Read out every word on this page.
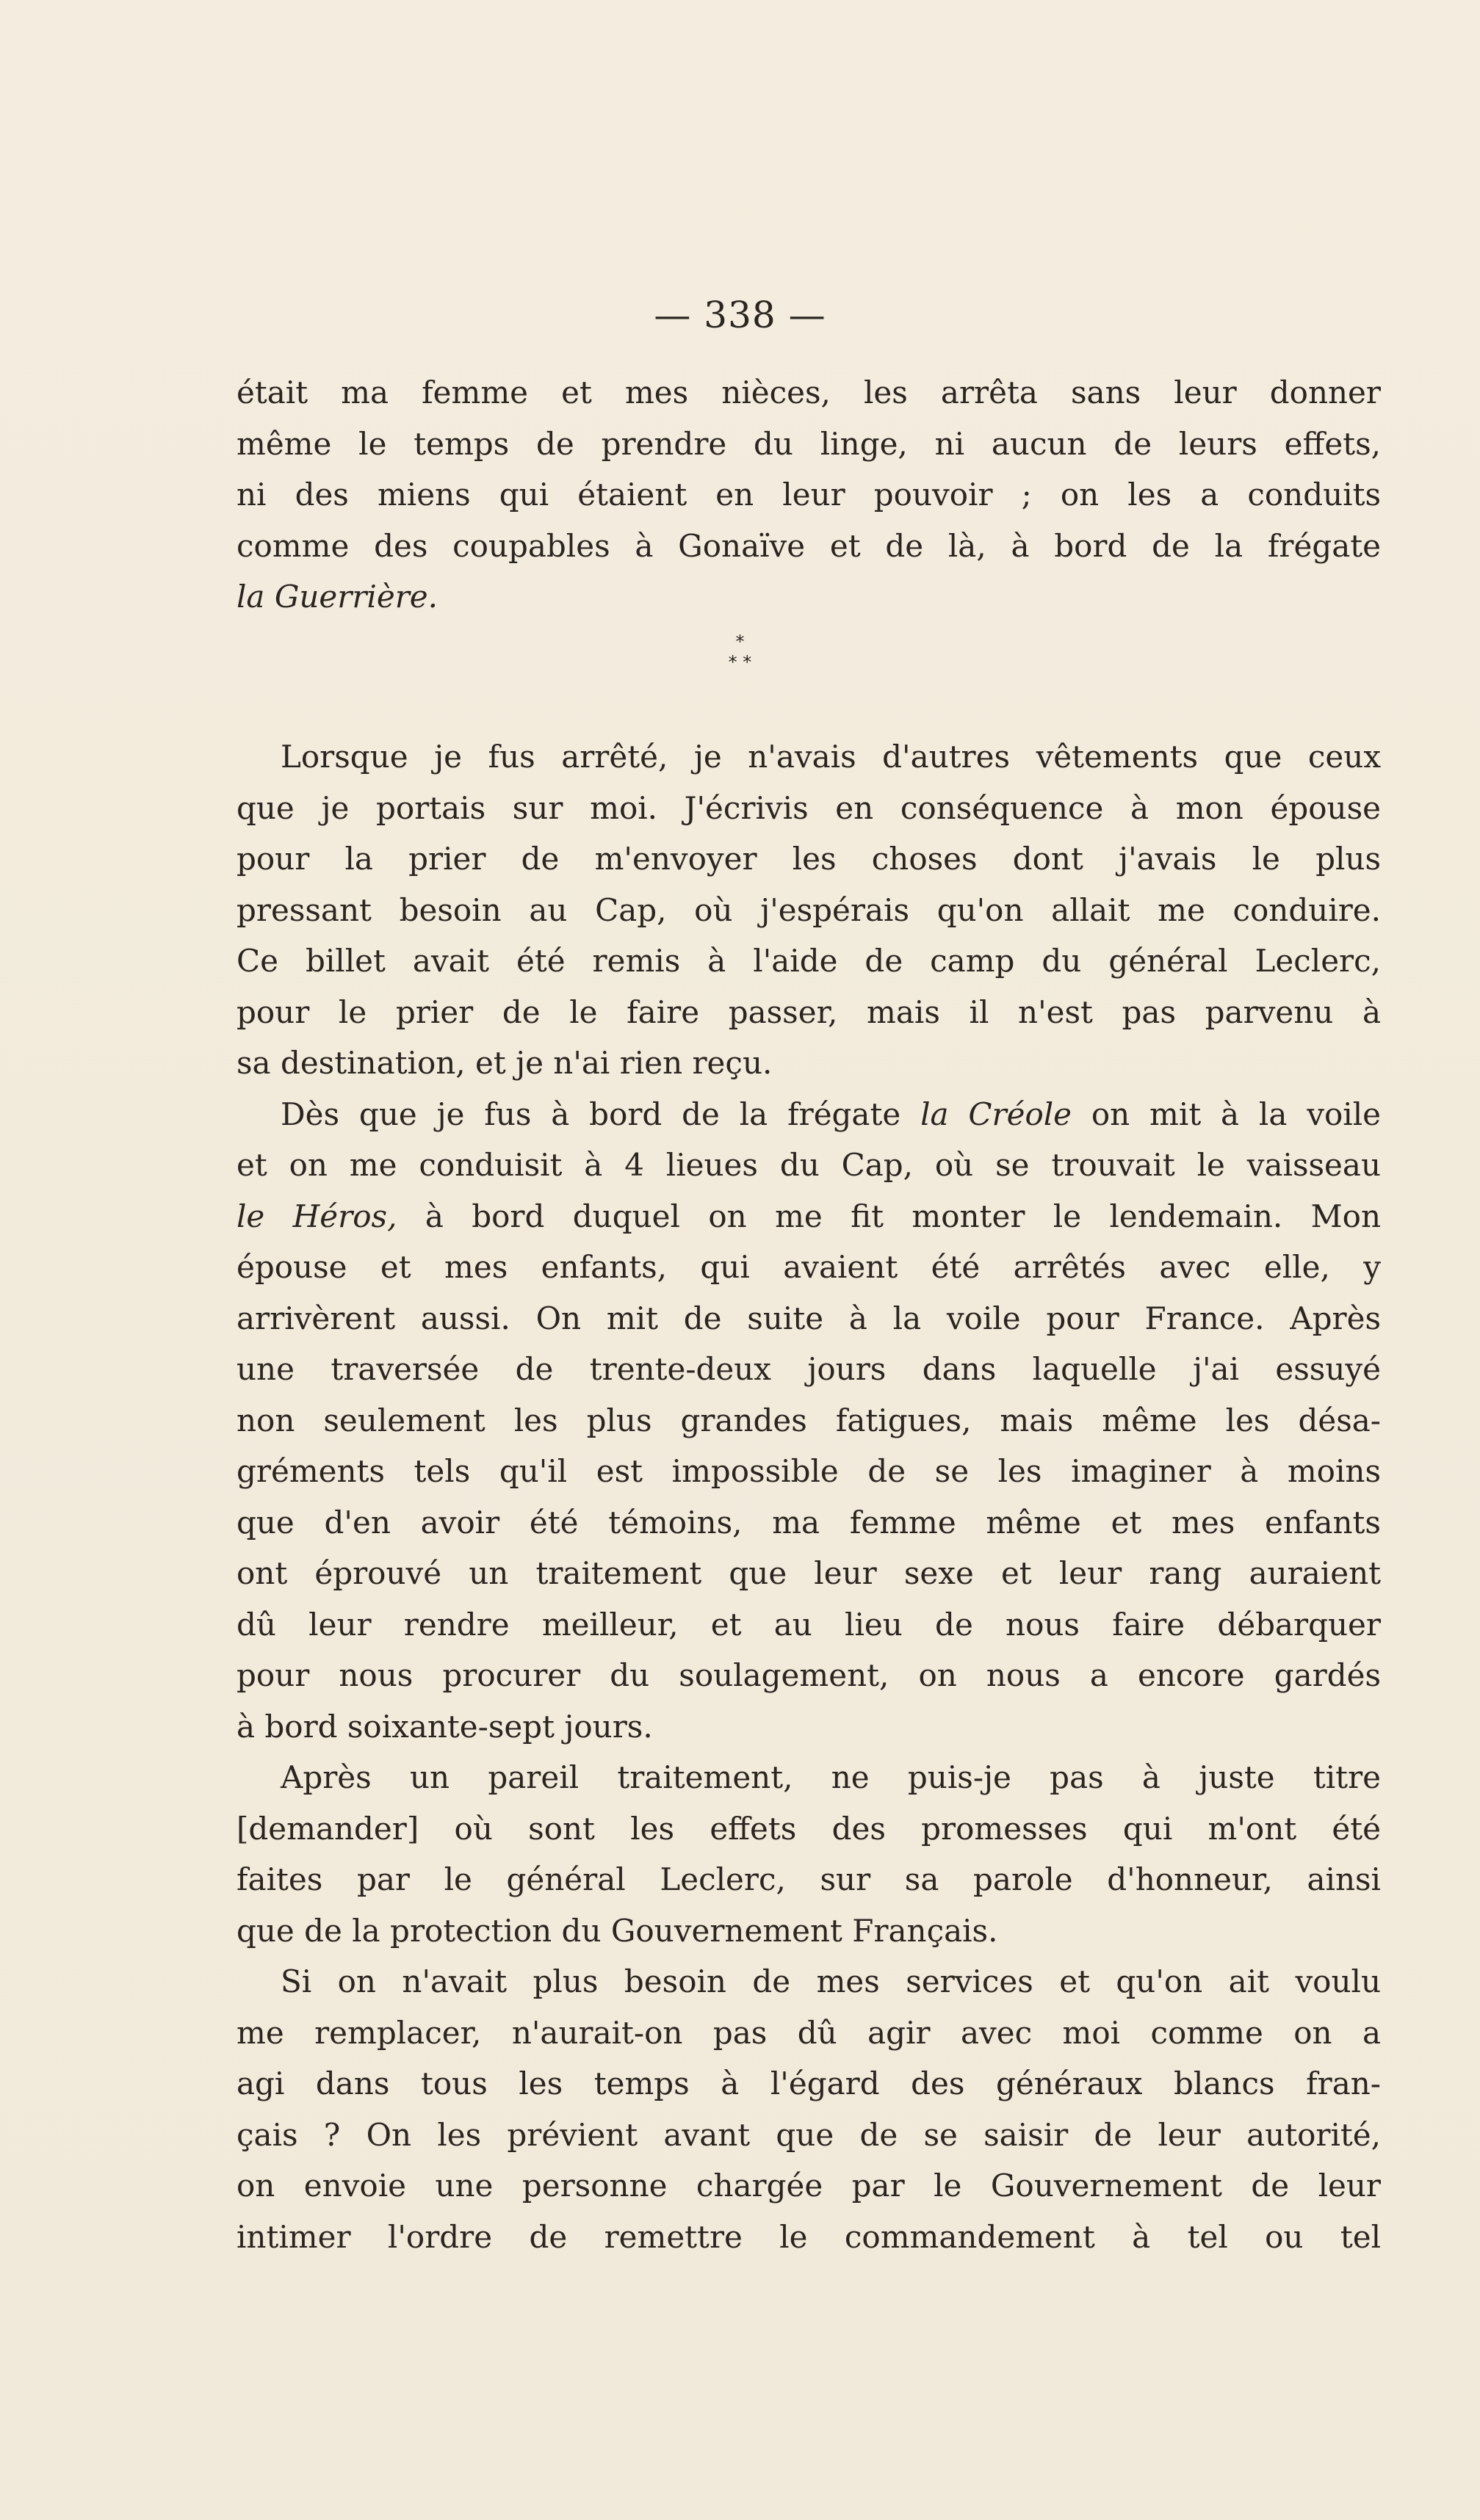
— 338 —
était ma femme et mes nièces, les arrêta sans leur donner
même le temps de prendre du linge, ni aucun de leurs effets,
ni des miens qui étaient en leur pouvoir ; on les a conduits
comme des coupables à Gonaïve et de là, à bord de la frégate
la Guerrière.
*
* *
Lorsque je fus arrêté, je n'avais d'autres vêtements que ceux
que je portais sur moi. J'écrivis en conséquence à mon épouse
pour la prier de m'envoyer les choses dont j'avais le plus
pressant besoin au Cap, où j'espérais qu'on allait me conduire.
Ce billet avait été remis à l'aide de camp du général Leclerc,
pour le prier de le faire passer, mais il n'est pas parvenu à
sa destination, et je n'ai rien reçu.
Dès que je fus à bord de la frégate la Créole on mit à la voile
et on me conduisit à 4 lieues du Cap, où se trouvait le vaisseau
le Héros, à bord duquel on me fit monter le lendemain. Mon
épouse et mes enfants, qui avaient été arrêtés avec elle, y
arrivèrent aussi. On mit de suite à la voile pour France. Après
une traversée de trente-deux jours dans laquelle j'ai essuyé
non seulement les plus grandes fatigues, mais même les désa-
gréments tels qu'il est impossible de se les imaginer à moins
que d'en avoir été témoins, ma femme même et mes enfants
ont éprouvé un traitement que leur sexe et leur rang auraient
dû leur rendre meilleur, et au lieu de nous faire débarquer
pour nous procurer du soulagement, on nous a encore gardés
à bord soixante-sept jours.
Après un pareil traitement, ne puis-je pas à juste titre
[demander] où sont les effets des promesses qui m'ont été
faites par le général Leclerc, sur sa parole d'honneur, ainsi
que de la protection du Gouvernement Français.
Si on n'avait plus besoin de mes services et qu'on ait voulu
me remplacer, n'aurait-on pas dû agir avec moi comme on a
agi dans tous les temps à l'égard des généraux blancs fran-
çais ? On les prévient avant que de se saisir de leur autorité,
on envoie une personne chargée par le Gouvernement de leur
intimer l'ordre de remettre le commandement à tel ou tel
